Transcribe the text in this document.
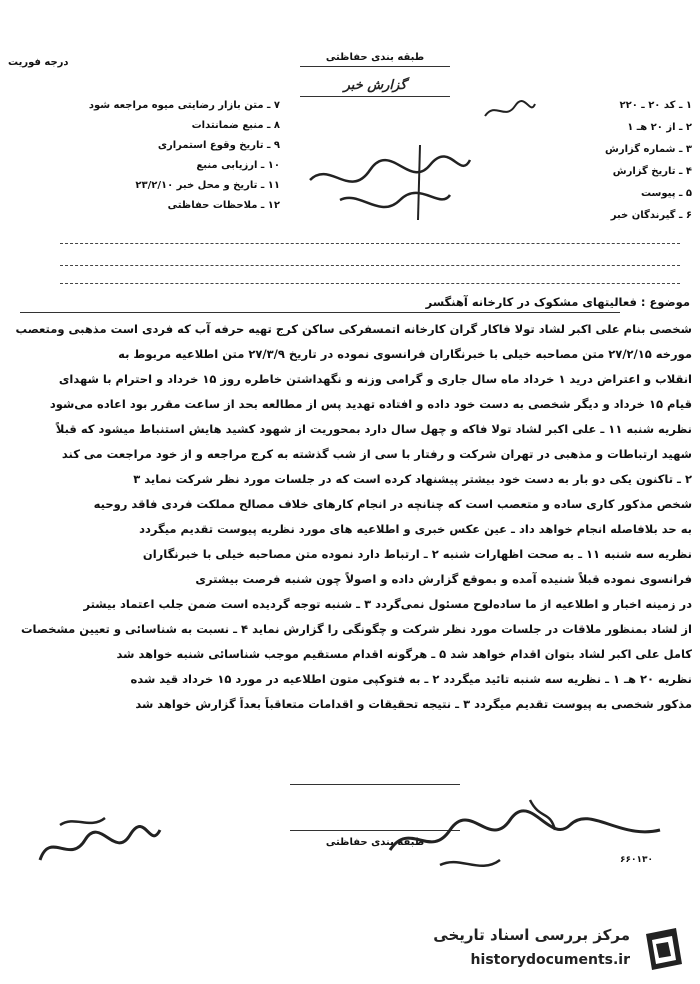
درجه فوریت	طبقه بندی حفاظتی
گزارش خبر
۱ ـ کد ۲۰ ـ ۲۲۰
۲ ـ از ۲۰ هـ ۱
۳ ـ شماره گزارش
۴ ـ تاریخ گزارش
۵ ـ پیوست
۶ ـ گیرندگان خبر
۷ ـ متن بازار رضایتی میوه مراجعه شود
۸ ـ منبع ضمانتدات
۹ ـ تاریخ وقوع استمراری
۱۰ ـ ارزیابی منبع
۱۱ ـ تاریخ و محل خبر ۲۳/۲/۱۰
۱۲ ـ ملاحظات حفاظتی
موضوع : فعالیتهای مشکوک در کارخانه آهنگسر
شخصی بنام علی اکبر لشاد تولا فاکار گران کارخانه اتمسفرکی ساکن کرج تهیه حرفه آب که فردی است مذهبی ومتعصب
مورخه ۲۷/۲/۱۵ متن مصاحبه خیلی با خبرنگاران فرانسوی نموده در تاریخ ۲۷/۳/۹ متن اطلاعیه مربوط به
انقلاب و اعتراض درید ۱ خرداد ماه سال جاری و گرامی وزنه و نگهداشتن خاطره روز ۱۵ خرداد و احترام با شهدای
قیام ۱۵ خرداد و دیگر شخصی به دست خود داده و افتاده تهدید پس از مطالعه بحد از ساعت مقرر بود اعاده می‌شود
نظریه شنبه ۱۱ ـ علی اکبر لشاد تولا فاکه و چهل سال دارد بمحوریت از شهود کشید هایش استنباط میشود که قبلاً
شهید ارتباطات و مذهبی در تهران شرکت و رفتار با سی از شب گذشته به کرج مراجعه و از خود مراجعت می کند
۲ ـ تاکنون یکی دو بار به دست خود بیشتر پیشنهاد کرده است که در جلسات مورد نظر شرکت نماید ۳
شخص مذکور کاری ساده و متعصب است که چنانچه در انجام کارهای خلاف مصالح مملکت فردی فاقد روحیه
به حد بلافاصله انجام خواهد داد ـ عین عکس خبری و اطلاعیه های مورد نظریه پیوست تقدیم میگردد
نظریه سه شنبه ۱۱ ـ به صحت اظهارات شنبه ۲ ـ ارتباط دارد نموده متن مصاحبه خیلی با خبرنگاران
فرانسوی نموده قبلاً شنیده آمده و بموقع گزارش داده و اصولاً چون شنبه فرصت بیشتری
در زمینه اخبار و اطلاعیه از ما ساده‌لوح مسئول نمی‌گردد ۳ ـ شنبه توجه گردیده است ضمن جلب اعتماد بیشتر
از لشاد بمنظور ملاقات در جلسات مورد نظر شرکت و چگونگی را گزارش نماید ۴ ـ نسبت به شناسائی و تعیین مشخصات
کامل علی اکبر لشاد بتوان اقدام خواهد شد ۵ ـ هرگونه اقدام مستقیم موجب شناسائی شنبه خواهد شد
نظریه ۲۰ هـ ۱ ـ نظریه سه شنبه تائید میگردد ۲ ـ به فتوکپی متون اطلاعیه در مورد ۱۵ خرداد قید شده
مذکور شخصی به پیوست تقدیم میگردد ۳ ـ نتیجه تحقیقات و اقدامات متعاقباً بعداً گزارش خواهد شد
طبقه بندی حفاظتی
۶۶۰۱۳۰
مرکز بررسی اسناد تاریخی
historydocuments.ir
